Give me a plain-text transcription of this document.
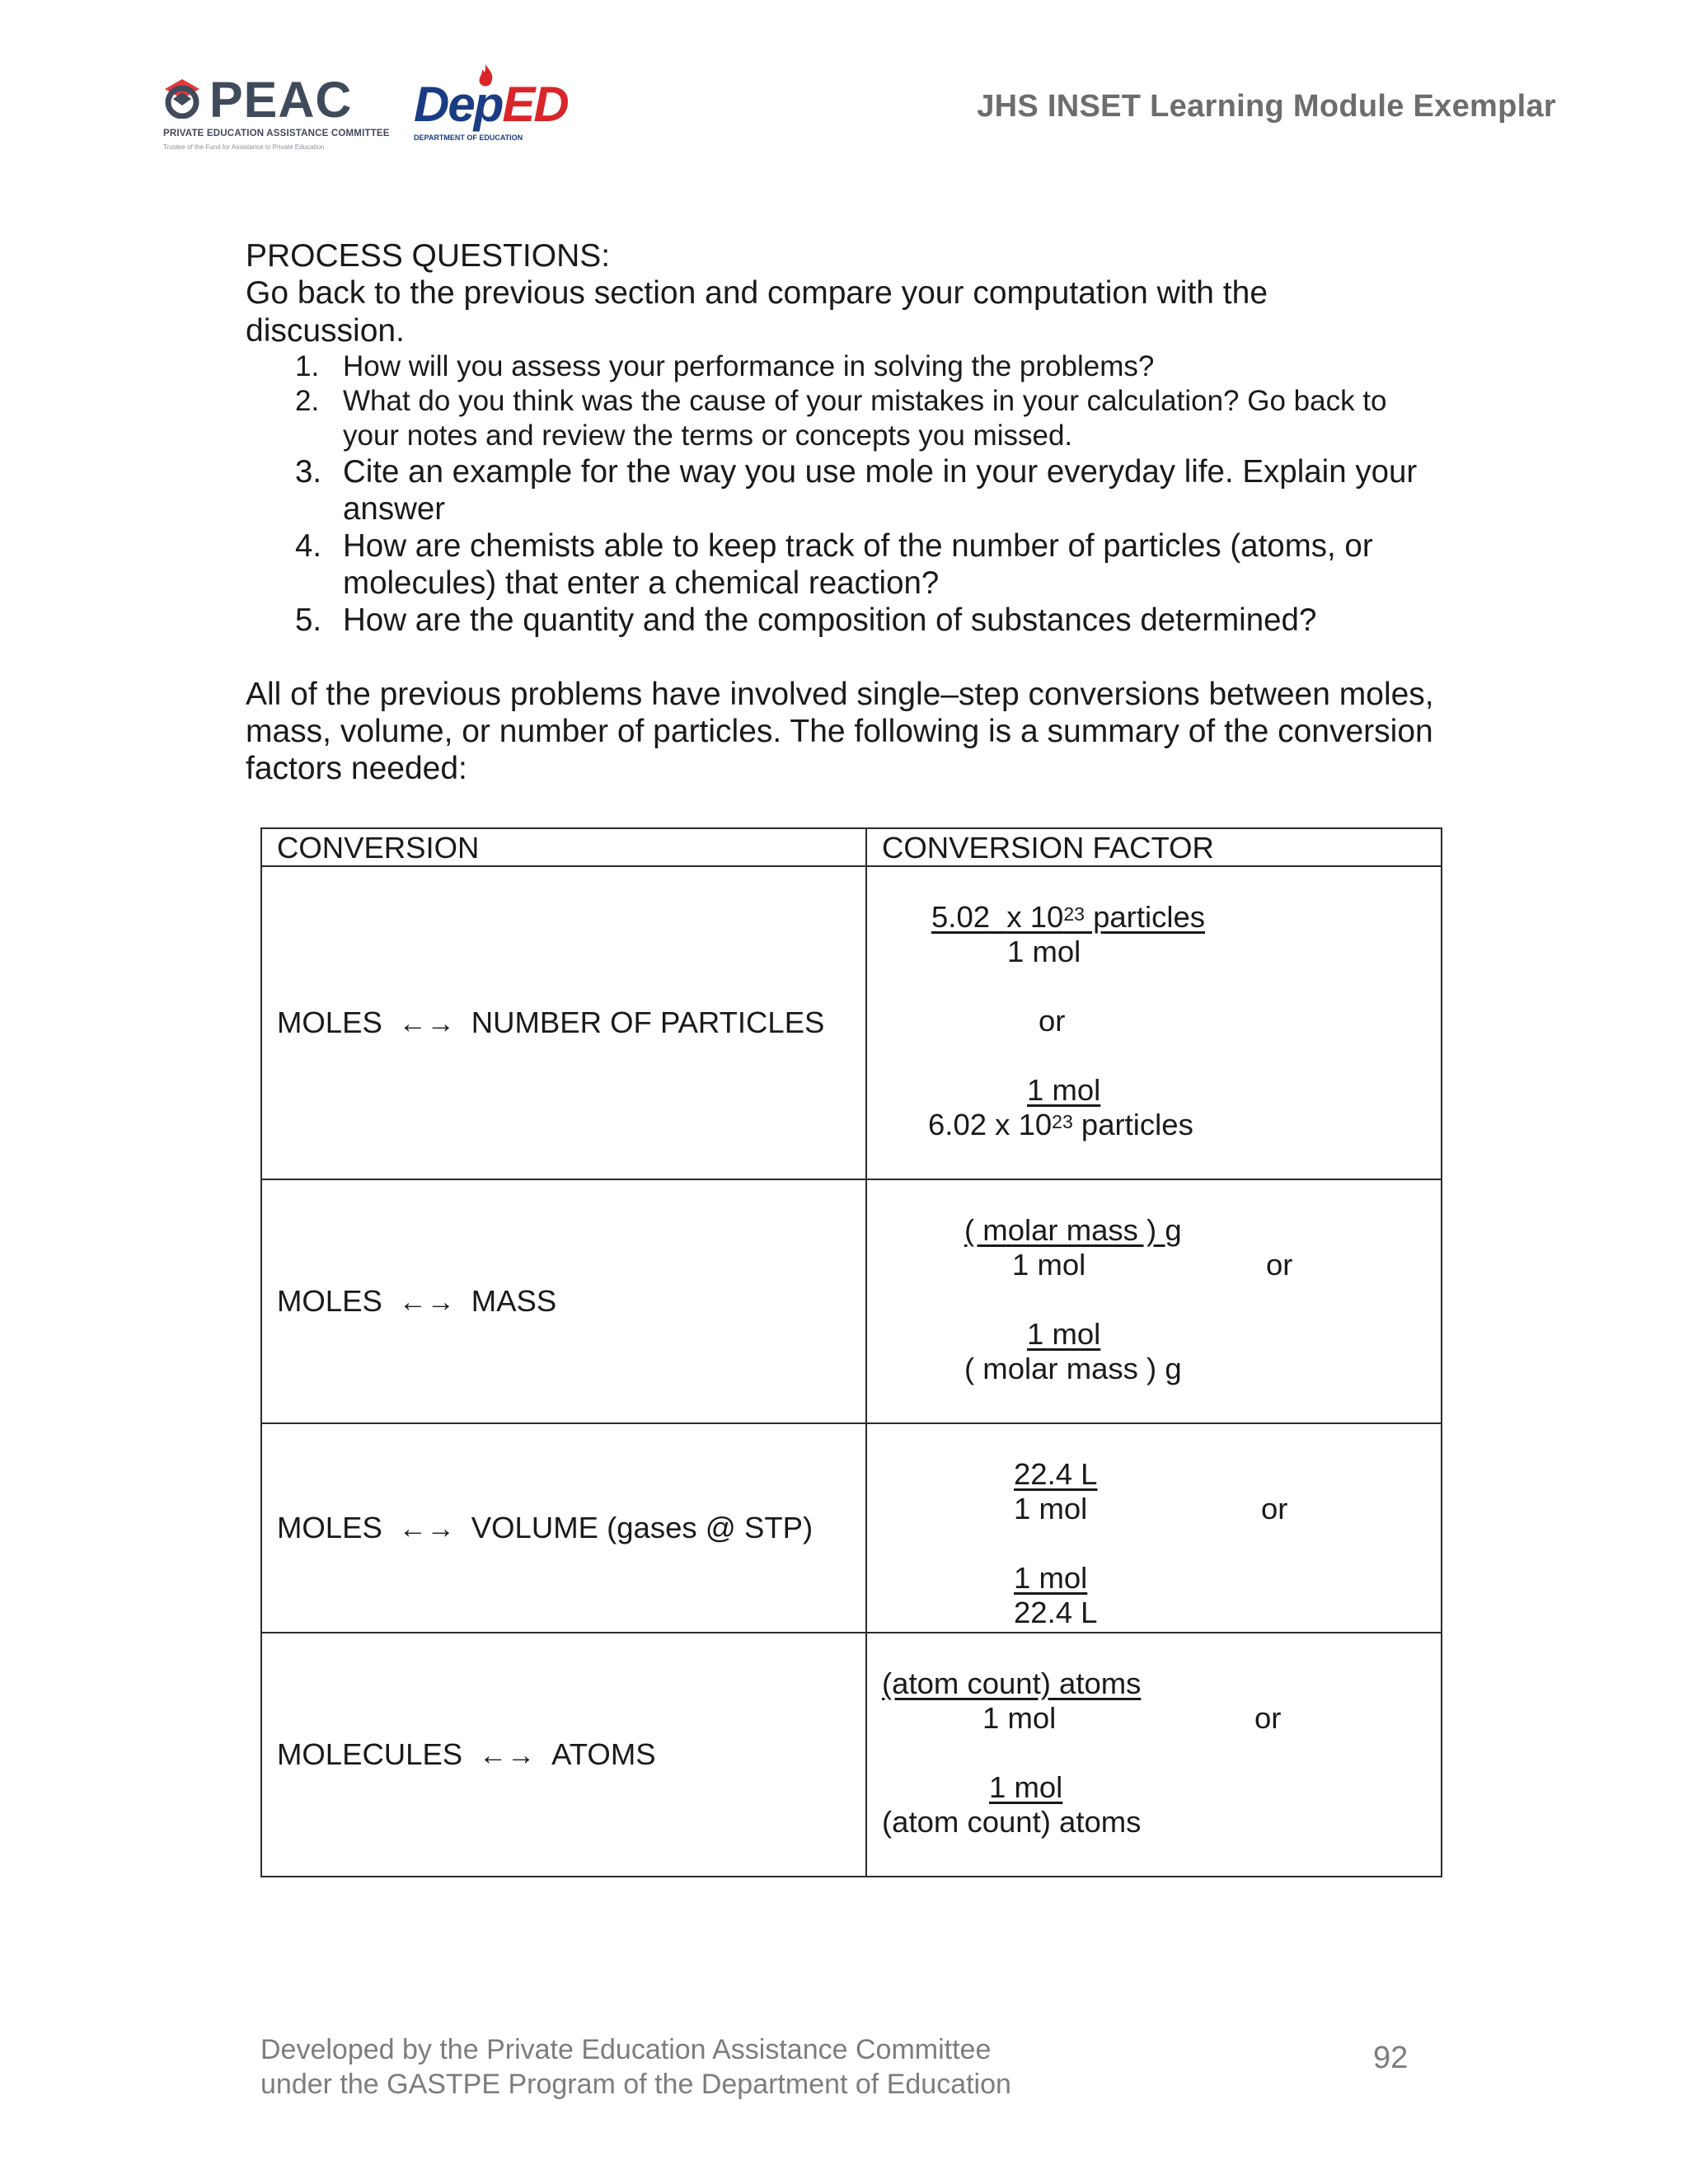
PEAC
PRIVATE EDUCATION ASSISTANCE COMMITTEE
Trustee of the Fund for Assistance to Private Education
DepED
DEPARTMENT OF EDUCATION
JHS INSET Learning Module Exemplar
PROCESS QUESTIONS:
Go back to the previous section and compare your computation with the discussion.
1. How will you assess your performance in solving the problems?
2. What do you think was the cause of your mistakes in your calculation? Go back to your notes and review the terms or concepts you missed.
3. Cite an example for the way you use mole in your everyday life. Explain your answer
4. How are chemists able to keep track of the number of particles (atoms, or molecules) that enter a chemical reaction?
5. How are the quantity and the composition of substances determined?
All of the previous problems have involved single–step conversions between moles, mass, volume, or number of particles. The following is a summary of the conversion factors needed:
CONVERSION	CONVERSION FACTOR
MOLES ←→ NUMBER OF PARTICLES	5.02 x $10^{23}$ particles
1 mol
or
1 mol
6.02 x $10^{23}$ particles

MOLES ←→ MASS	( molar mass ) g
1 mol or
1 mol
( molar mass ) g

MOLES ←→ VOLUME (gases @ STP)	22.4 L
1 mol or
1 mol
22.4 L

MOLECULES ←→ ATOMS	(atom count) atoms
1 mol or
1 mol
(atom count) atoms
Developed by the Private Education Assistance Committee
under the GASTPE Program of the Department of Education
92
